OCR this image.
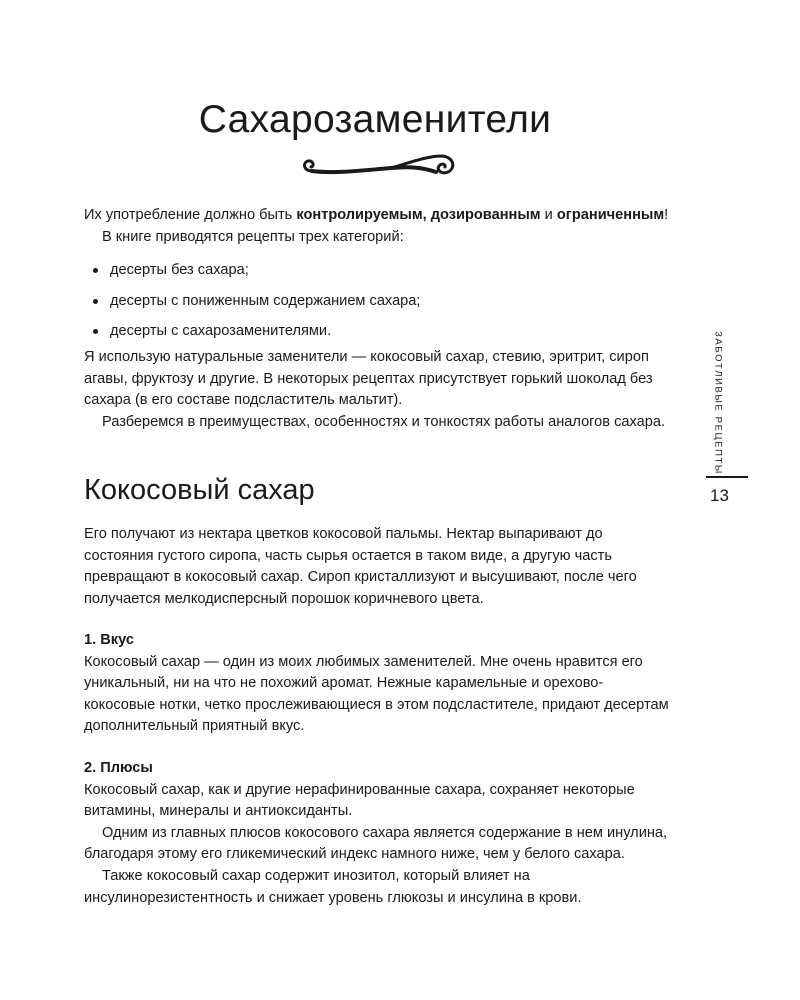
Сахарозаменители

Их употребление должно быть контролируемым, дозированным и ограниченным!

В книге приводятся рецепты трех категорий:

десерты без сахара;
десерты с пониженным содержанием сахара;
десерты с сахарозаменителями.

Я использую натуральные заменители — кокосовый сахар, стевию, эритрит, сироп агавы, фруктозу и другие. В некоторых рецептах присутствует горький шоколад без сахара (в его составе подсластитель мальтит).

Разберемся в преимуществах, особенностях и тонкостях работы аналогов сахара.

Кокосовый сахар

Его получают из нектара цветков кокосовой пальмы. Нектар выпаривают до состояния густого сиропа, часть сырья остается в таком виде, а другую часть превращают в кокосовый сахар. Сироп кристаллизуют и высушивают, после чего получается мелкодисперсный порошок коричневого цвета.

1. Вкус

Кокосовый сахар — один из моих любимых заменителей. Мне очень нравится его уникальный, ни на что не похожий аромат. Нежные карамельные и орехово-кокосовые нотки, четко прослеживающиеся в этом подсластителе, придают десертам дополнительный приятный вкус.

2. Плюсы

Кокосовый сахар, как и другие нерафинированные сахара, сохраняет некоторые витамины, минералы и антиоксиданты.

Одним из главных плюсов кокосового сахара является содержание в нем инулина, благодаря этому его гликемический индекс намного ниже, чем у белого сахара.

Также кокосовый сахар содержит инозитол, который влияет на инсулинорезистентность и снижает уровень глюкозы и инсулина в крови.

ЗАБОТЛИВЫЕ РЕЦЕПТЫ
13
